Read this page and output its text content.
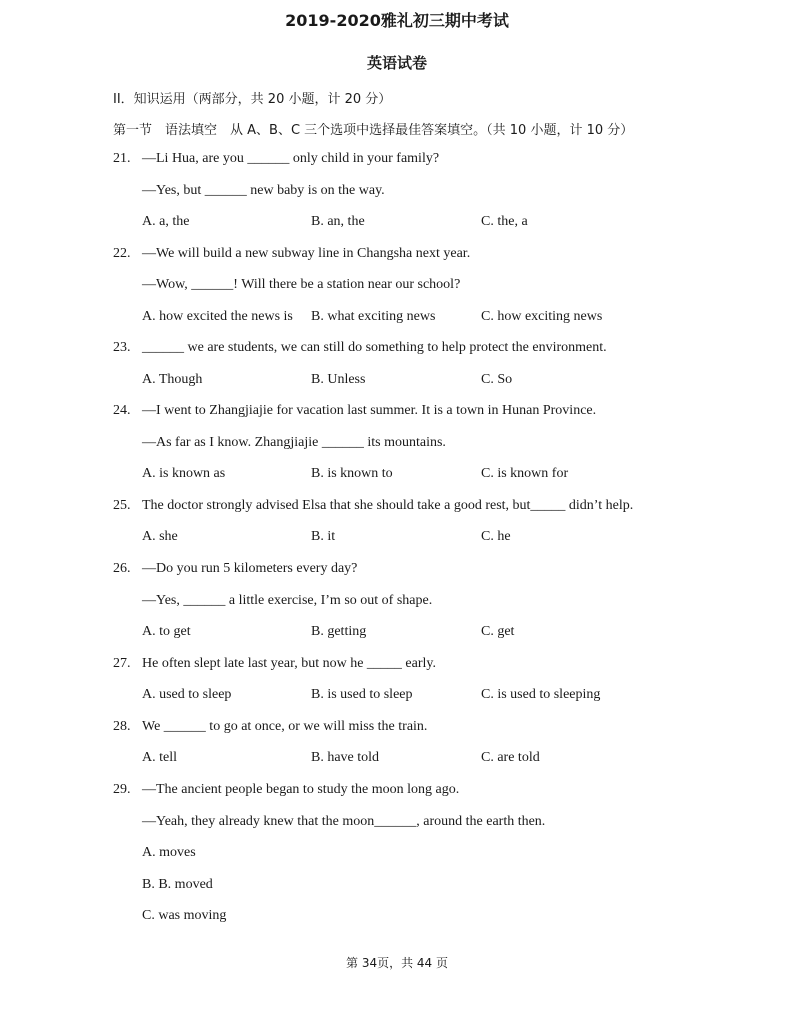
2019-2020雅礼初三期中考试
英语试卷
II．知识运用（两部分，共 20 小题，计 20 分）
第一节　语法填空　从 A、B、C 三个选项中选择最佳答案填空。（共 10 小题，计 10 分）
21. —Li Hua, are you ______ only child in your family?
—Yes, but ______ new baby is on the way.
A. a, the	B. an, the	C. the, a
22. —We will build a new subway line in Changsha next year.
—Wow, ______! Will there be a station near our school?
A. how excited the news is B. what exciting news	C. how exciting news
23. ______ we are students, we can still do something to help protect the environment.
A. Though	B. Unless	C. So
24. —I went to Zhangjiajie for vacation last summer. It is a town in Hunan Province.
—As far as I know. Zhangjiajie ______ its mountains.
A. is known as	B. is known to	C. is known for
25. The doctor strongly advised Elsa that she should take a good rest, but_____ didn’t help.
A. she	B. it	C. he
26. —Do you run 5 kilometers every day?
—Yes, ______ a little exercise, I’m so out of shape.
A. to get	B. getting	C. get
27. He often slept late last year, but now he _____ early.
A. used to sleep	B. is used to sleep	C. is used to sleeping
28. We ______ to go at once, or we will miss the train.
A. tell	B. have told	C. are told
29. —The ancient people began to study the moon long ago.
—Yeah, they already knew that the moon______, around the earth then.
A. moves
B. B. moved
C. was moving
第 34页，共 44 页
